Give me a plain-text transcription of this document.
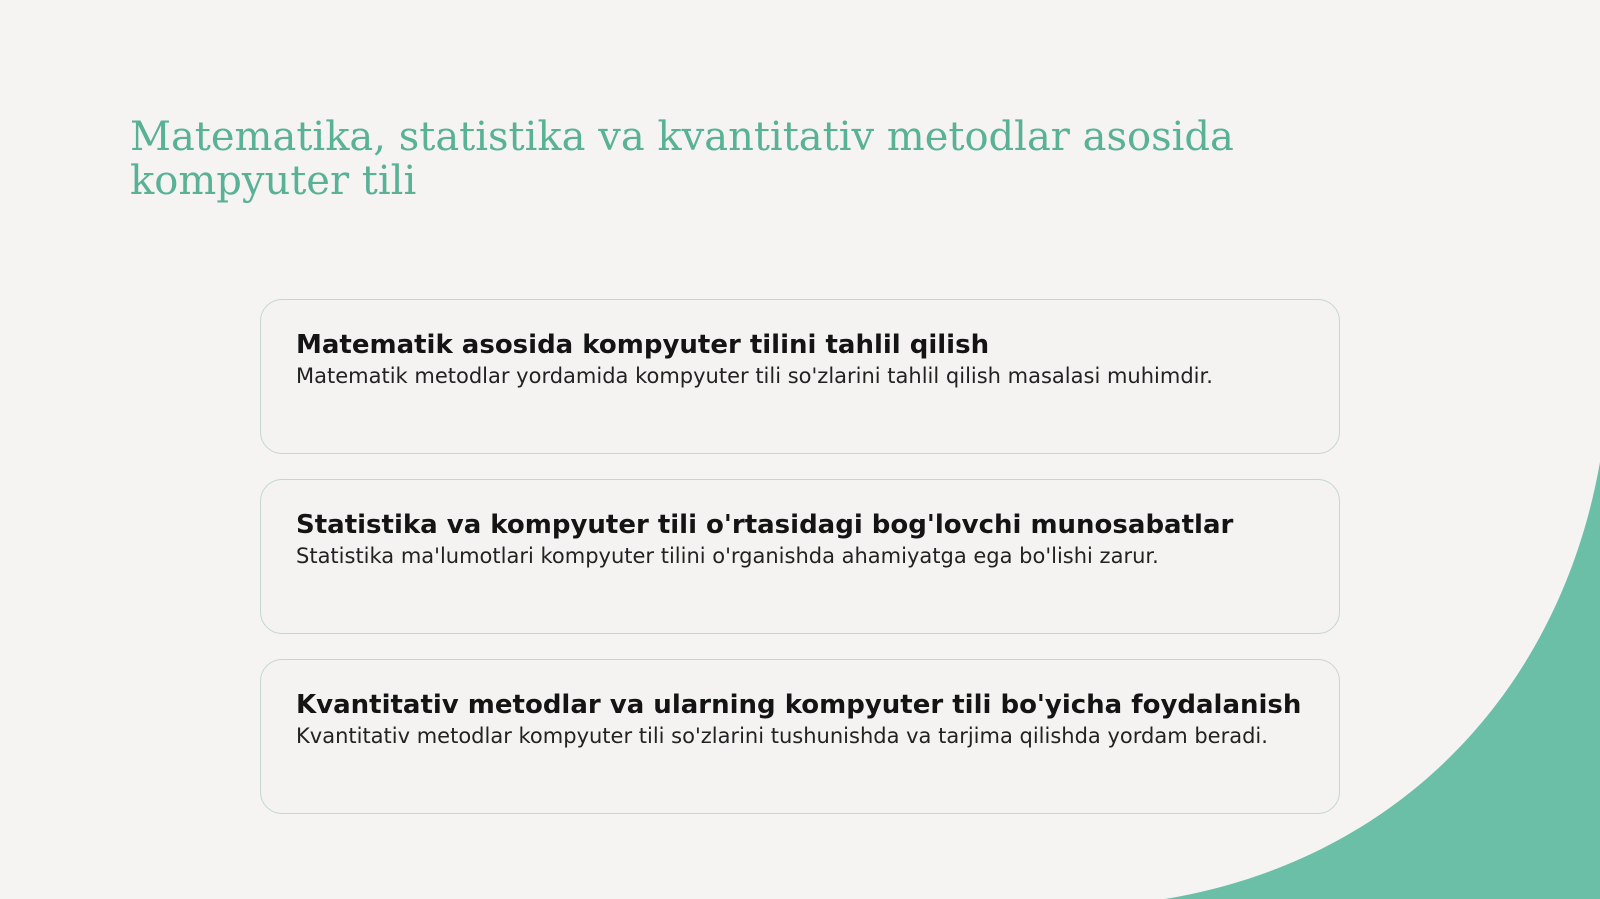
Matematika, statistika va kvantitativ metodlar asosida kompyuter tili

Matematik asosida kompyuter tilini tahlil qilish

Matematik metodlar yordamida kompyuter tili so'zlarini tahlil qilish masalasi muhimdir.

Statistika va kompyuter tili o'rtasidagi bog'lovchi munosabatlar

Statistika ma'lumotlari kompyuter tilini o'rganishda ahamiyatga ega bo'lishi zarur.

Kvantitativ metodlar va ularning kompyuter tili bo'yicha foydalanish

Kvantitativ metodlar kompyuter tili so'zlarini tushunishda va tarjima qilishda yordam beradi.
